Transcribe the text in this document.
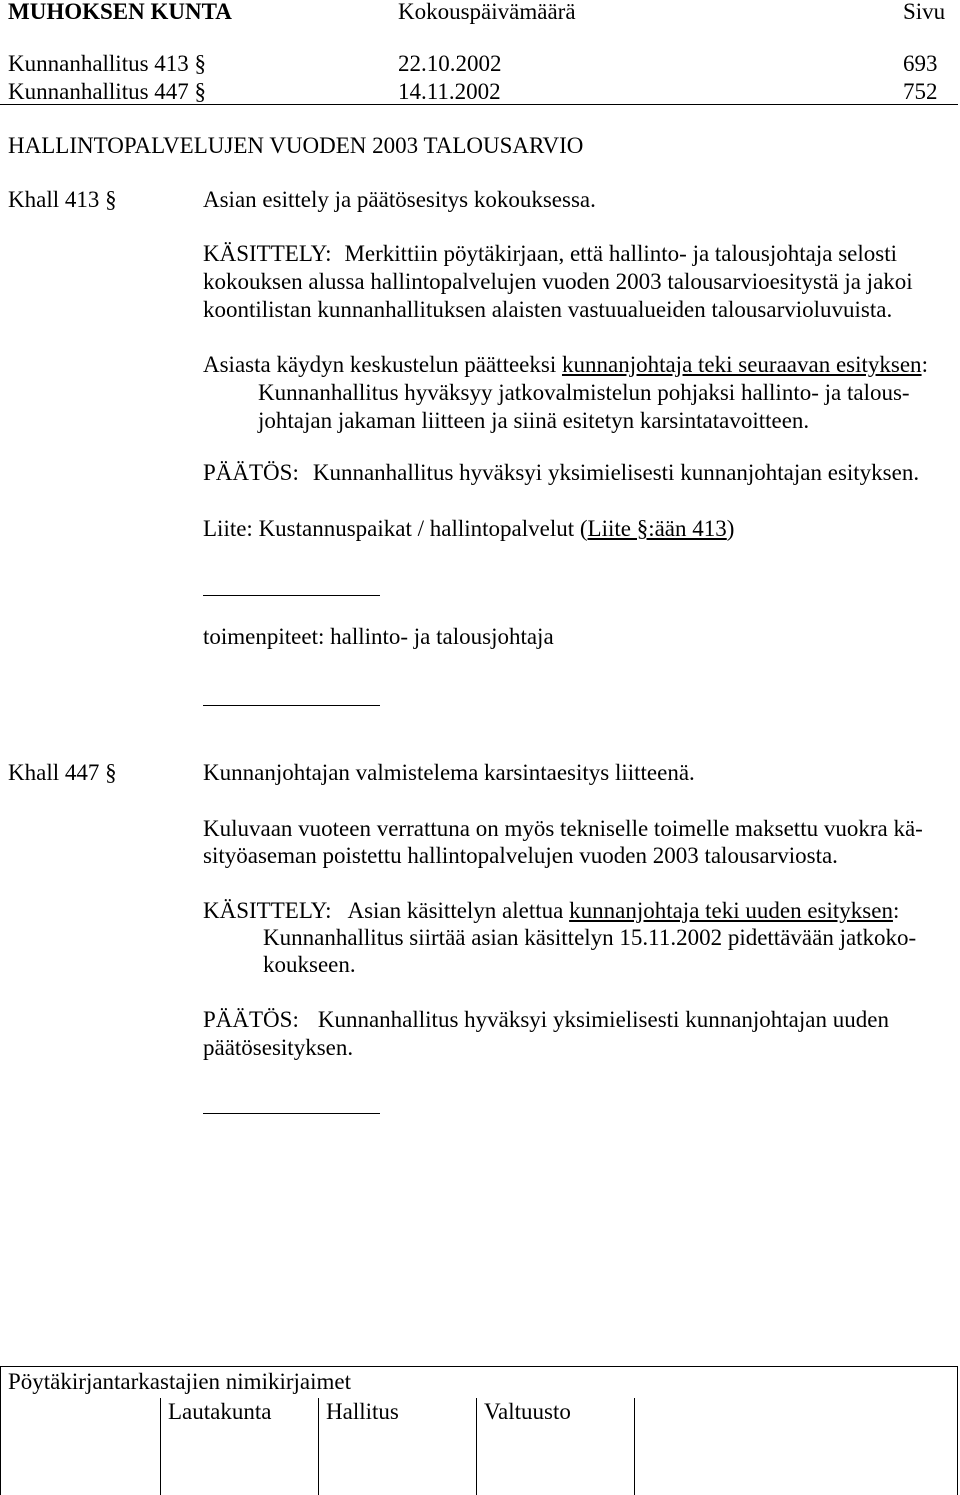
MUHOKSEN KUNTA	Kokouspäivämäärä	Sivu
Kunnanhallitus 413 §	22.10.2002	693
Kunnanhallitus 447 §	14.11.2002	752
HALLINTOPALVELUJEN VUODEN 2003 TALOUSARVIO
Khall 413 §	Asian esittely ja päätösesitys kokouksessa.
KÄSITTELY: Merkittiin pöytäkirjaan, että hallinto- ja talousjohtaja selosti
kokouksen alussa hallintopalvelujen vuoden 2003 talousarvioesitystä ja jakoi
koontilistan kunnanhallituksen alaisten vastuualueiden talousarvioluvuista.
Asiasta käydyn keskustelun päätteeksi kunnanjohtaja teki seuraavan esityksen:
Kunnanhallitus hyväksyy jatkovalmistelun pohjaksi hallinto- ja talous-
johtajan jakaman liitteen ja siinä esitetyn karsintatavoitteen.
PÄÄTÖS: Kunnanhallitus hyväksyi yksimielisesti kunnanjohtajan esityksen.
Liite: Kustannuspaikat / hallintopalvelut (Liite §:ään 413)
toimenpiteet: hallinto- ja talousjohtaja
Khall 447 §	Kunnanjohtajan valmistelema karsintaesitys liitteenä.
Kuluvaan vuoteen verrattuna on myös tekniselle toimelle maksettu vuokra kä-
sityöaseman poistettu hallintopalvelujen vuoden 2003 talousarviosta.
KÄSITTELY: Asian käsittelyn alettua kunnanjohtaja teki uuden esityksen:
Kunnanhallitus siirtää asian käsittelyn 15.11.2002 pidettävään jatkoko-
koukseen.
PÄÄTÖS: Kunnanhallitus hyväksyi yksimielisesti kunnanjohtajan uuden
päätösesityksen.
Pöytäkirjantarkastajien nimikirjaimet
Lautakunta Hallitus	Valtuusto
